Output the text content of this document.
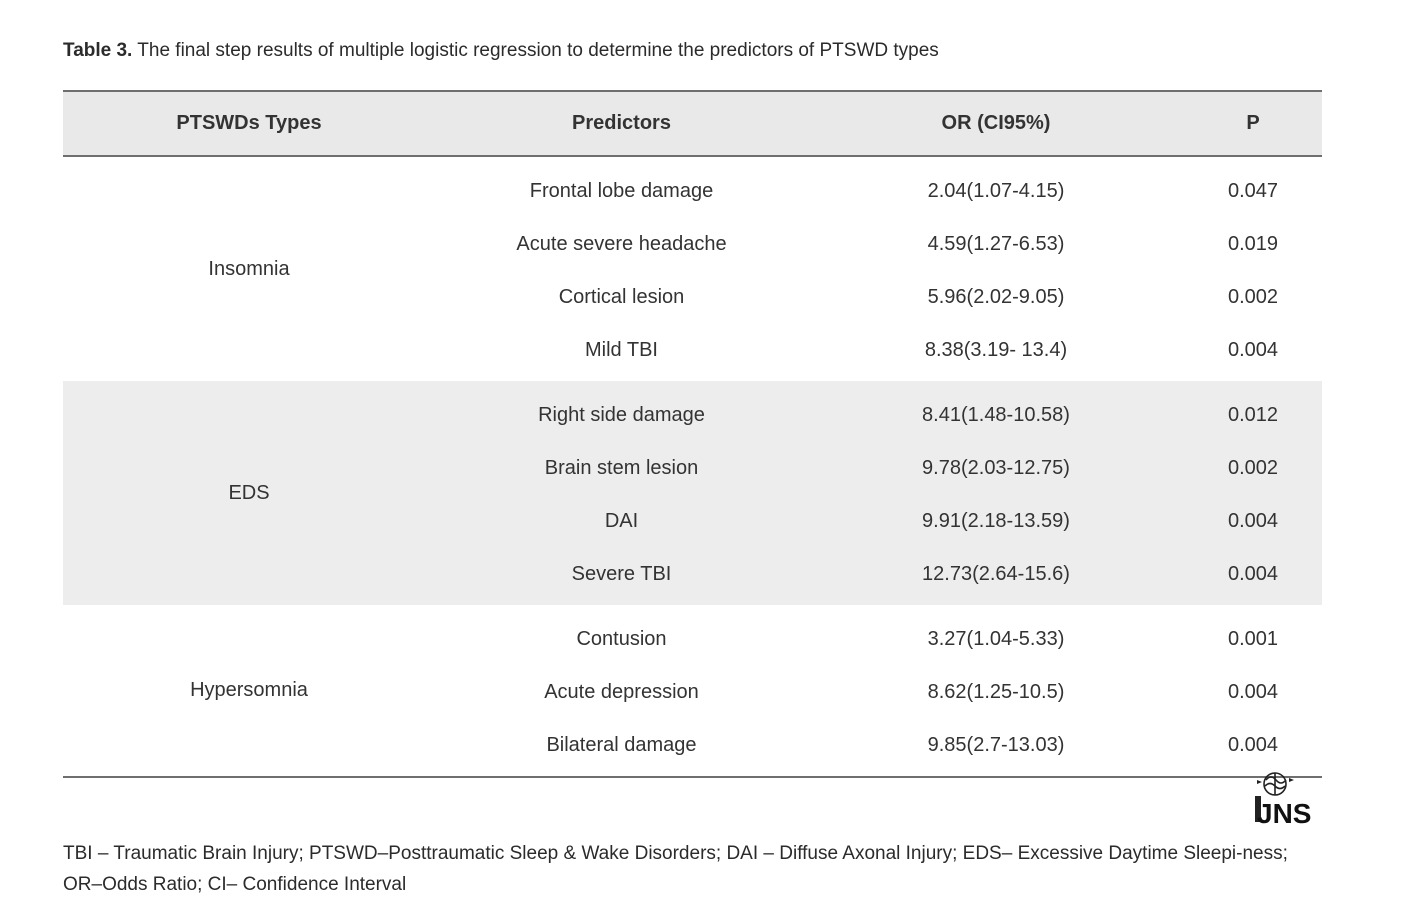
Table 3. The final step results of multiple logistic regression to determine the predictors of PTSWD types
PTSWDs Types	Predictors	OR (CI95%)	P
Insomnia
Frontal lobe damage	2.04(1.07-4.15)	0.047
Acute severe headache	4.59(1.27-6.53)	0.019
Cortical lesion	5.96(2.02-9.05)	0.002
Mild TBI	8.38(3.19- 13.4)	0.004
EDS
Right side damage	8.41(1.48-10.58)	0.012
Brain stem lesion	9.78(2.03-12.75)	0.002
DAI	9.91(2.18-13.59)	0.004
Severe TBI	12.73(2.64-15.6)	0.004
Hypersomnia
Contusion	3.27(1.04-5.33)	0.001
Acute depression	8.62(1.25-10.5)	0.004
Bilateral damage	9.85(2.7-13.03)	0.004
JNS
TBI – Traumatic Brain Injury; PTSWD–Posttraumatic Sleep & Wake Disorders; DAI – Diffuse Axonal Injury; EDS– Excessive Daytime Sleepi-ness; OR–Odds Ratio; CI– Confidence Interval
